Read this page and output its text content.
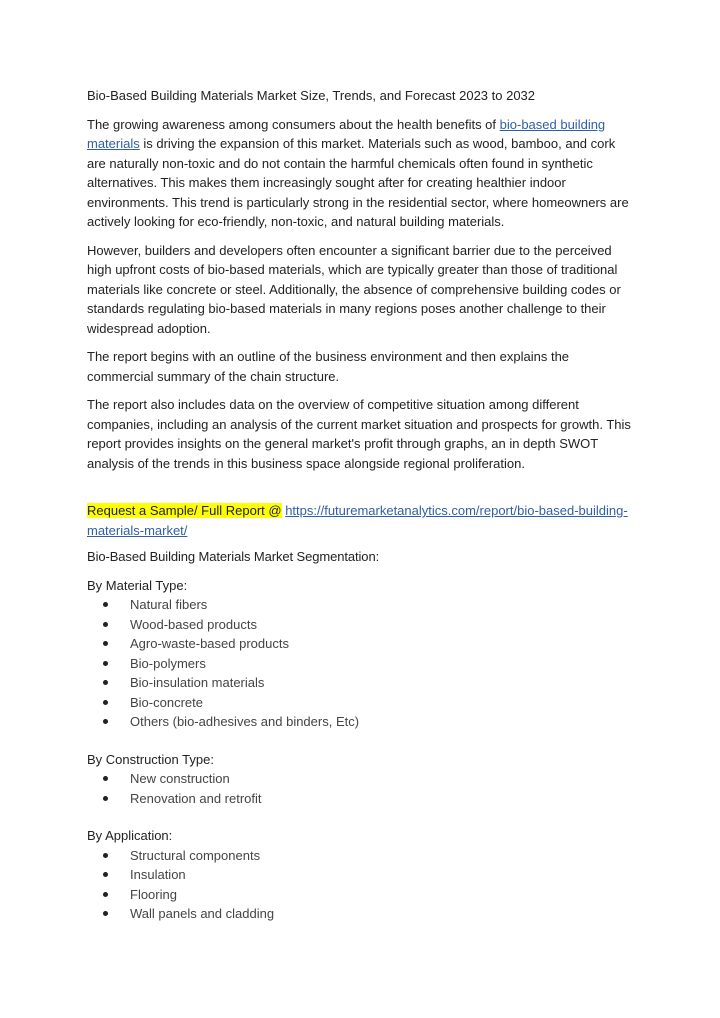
Bio-Based Building Materials Market Size, Trends, and Forecast 2023 to 2032

The growing awareness among consumers about the health benefits of bio-based building materials is driving the expansion of this market. Materials such as wood, bamboo, and cork are naturally non-toxic and do not contain the harmful chemicals often found in synthetic alternatives. This makes them increasingly sought after for creating healthier indoor environments. This trend is particularly strong in the residential sector, where homeowners are actively looking for eco-friendly, non-toxic, and natural building materials.

However, builders and developers often encounter a significant barrier due to the perceived high upfront costs of bio-based materials, which are typically greater than those of traditional materials like concrete or steel. Additionally, the absence of comprehensive building codes or standards regulating bio-based materials in many regions poses another challenge to their widespread adoption.

The report begins with an outline of the business environment and then explains the commercial summary of the chain structure.

The report also includes data on the overview of competitive situation among different companies, including an analysis of the current market situation and prospects for growth. This report provides insights on the general market's profit through graphs, an in depth SWOT analysis of the trends in this business space alongside regional proliferation.

Request a Sample/ Full Report @ https://futuremarketanalytics.com/report/bio-based-building-materials-market/
Bio-Based Building Materials Market Segmentation:
By Material Type:
Natural fibers
Wood-based products
Agro-waste-based products
Bio-polymers
Bio-insulation materials
Bio-concrete
Others (bio-adhesives and binders, Etc)
By Construction Type:
New construction
Renovation and retrofit
By Application:
Structural components
Insulation
Flooring
Wall panels and cladding
